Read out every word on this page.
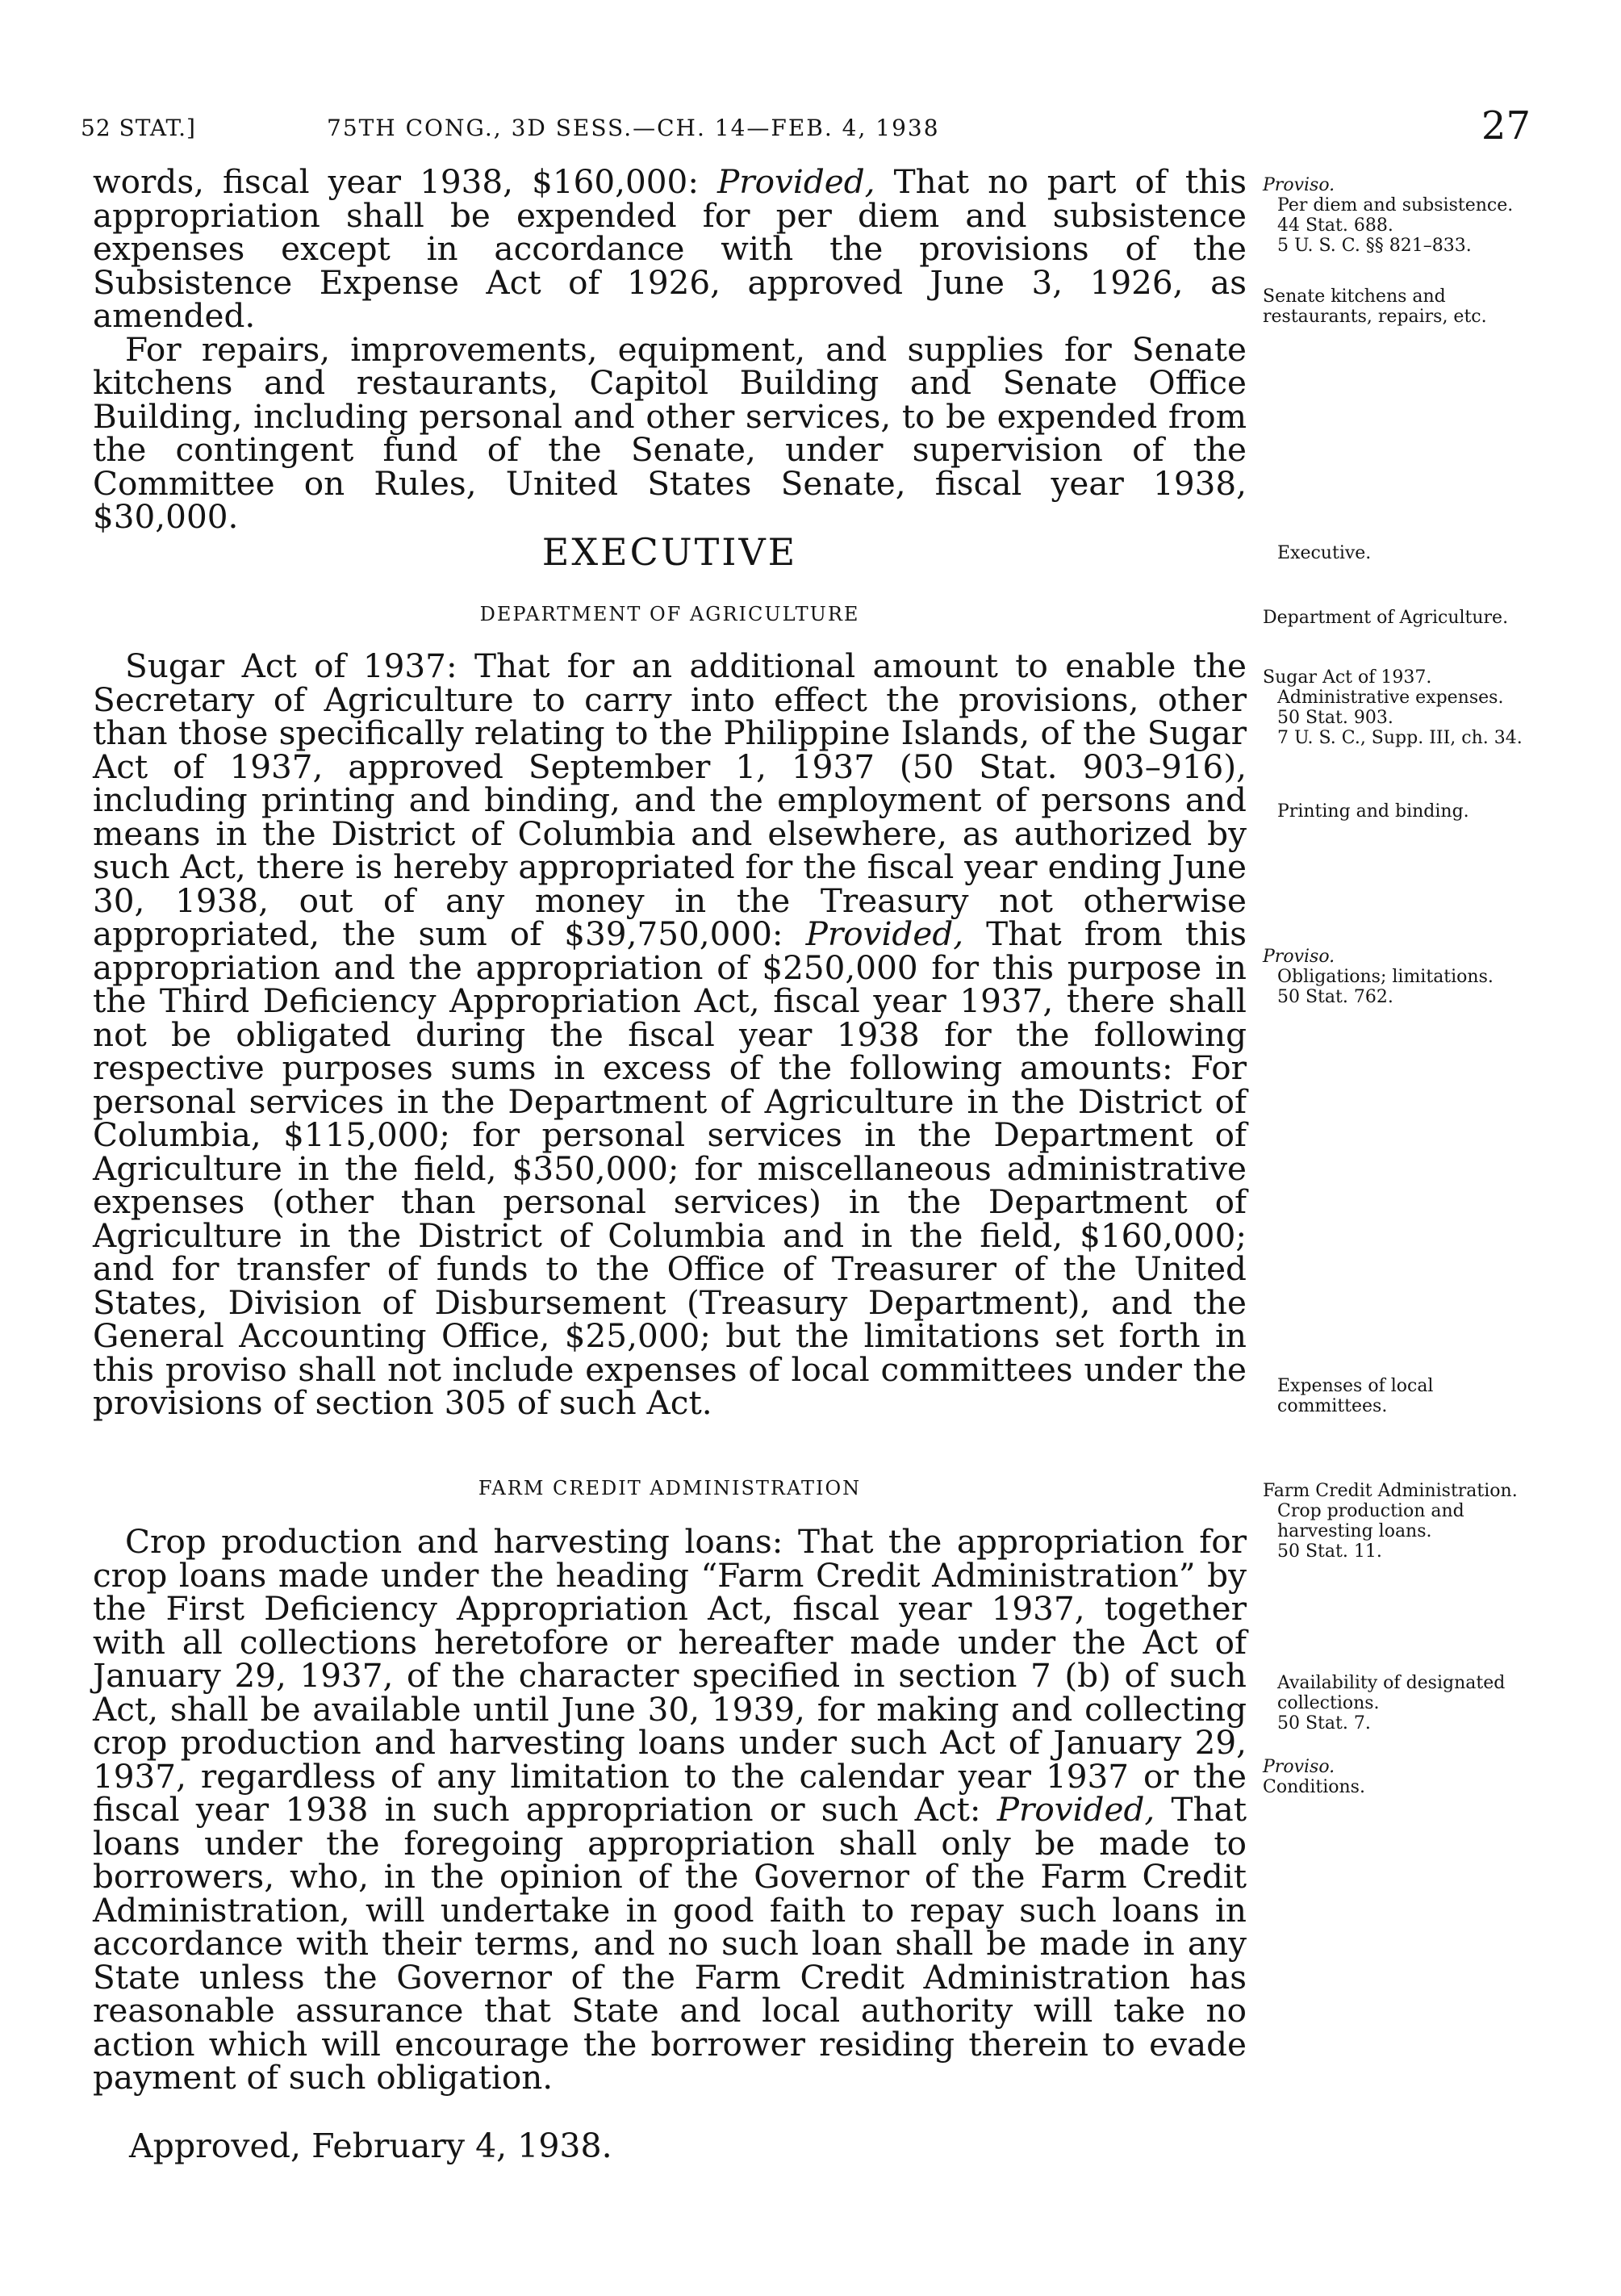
52 STAT.]	75TH CONG., 3D SESS.—CH. 14—FEB. 4, 1938	27

words, fiscal year 1938, $160,000: Provided, That no part of this appropriation shall be expended for per diem and subsistence expenses except in accordance with the provisions of the Subsistence Expense Act of 1926, approved June 3, 1926, as amended.

For repairs, improvements, equipment, and supplies for Senate kitchens and restaurants, Capitol Building and Senate Office Building, including personal and other services, to be expended from the contingent fund of the Senate, under supervision of the Committee on Rules, United States Senate, fiscal year 1938, $30,000.

EXECUTIVE
DEPARTMENT OF AGRICULTURE

Sugar Act of 1937: That for an additional amount to enable the Secretary of Agriculture to carry into effect the provisions, other than those specifically relating to the Philippine Islands, of the Sugar Act of 1937, approved September 1, 1937 (50 Stat. 903–916), including printing and binding, and the employment of persons and means in the District of Columbia and elsewhere, as authorized by such Act, there is hereby appropriated for the fiscal year ending June 30, 1938, out of any money in the Treasury not otherwise appropriated, the sum of $39,750,000: Provided, That from this appropriation and the appropriation of $250,000 for this purpose in the Third Deficiency Appropriation Act, fiscal year 1937, there shall not be obligated during the fiscal year 1938 for the following respective purposes sums in excess of the following amounts: For personal services in the Department of Agriculture in the District of Columbia, $115,000; for personal services in the Department of Agriculture in the field, $350,000; for miscellaneous administrative expenses (other than personal services) in the Department of Agriculture in the District of Columbia and in the field, $160,000; and for transfer of funds to the Office of Treasurer of the United States, Division of Disbursement (Treasury Department), and the General Accounting Office, $25,000; but the limitations set forth in this proviso shall not include expenses of local committees under the provisions of section 305 of such Act.

FARM CREDIT ADMINISTRATION

Crop production and harvesting loans: That the appropriation for crop loans made under the heading “Farm Credit Administration” by the First Deficiency Appropriation Act, fiscal year 1937, together with all collections heretofore or hereafter made under the Act of January 29, 1937, of the character specified in section 7 (b) of such Act, shall be available until June 30, 1939, for making and collecting crop production and harvesting loans under such Act of January 29, 1937, regardless of any limitation to the calendar year 1937 or the fiscal year 1938 in such appropriation or such Act: Provided, That loans under the foregoing appropriation shall only be made to borrowers, who, in the opinion of the Governor of the Farm Credit Administration, will undertake in good faith to repay such loans in accordance with their terms, and no such loan shall be made in any State unless the Governor of the Farm Credit Administration has reasonable assurance that State and local authority will take no action which will encourage the borrower residing therein to evade payment of such obligation.

Approved, February 4, 1938.
Proviso.
Per diem and subsistence.
44 Stat. 688.
5 U. S. C. §§ 821–833.
Senate kitchens and restaurants, repairs, etc.
Executive.
Department of Agriculture.
Sugar Act of 1937.
Administrative expenses.
50 Stat. 903.
7 U. S. C., Supp. III, ch. 34.
Printing and binding.
Proviso.
Obligations; limitations.
50 Stat. 762.
Expenses of local committees.
Farm Credit Administration.
Crop production and harvesting loans.
50 Stat. 11.
Availability of designated collections.
50 Stat. 7.
Proviso.
Conditions.
